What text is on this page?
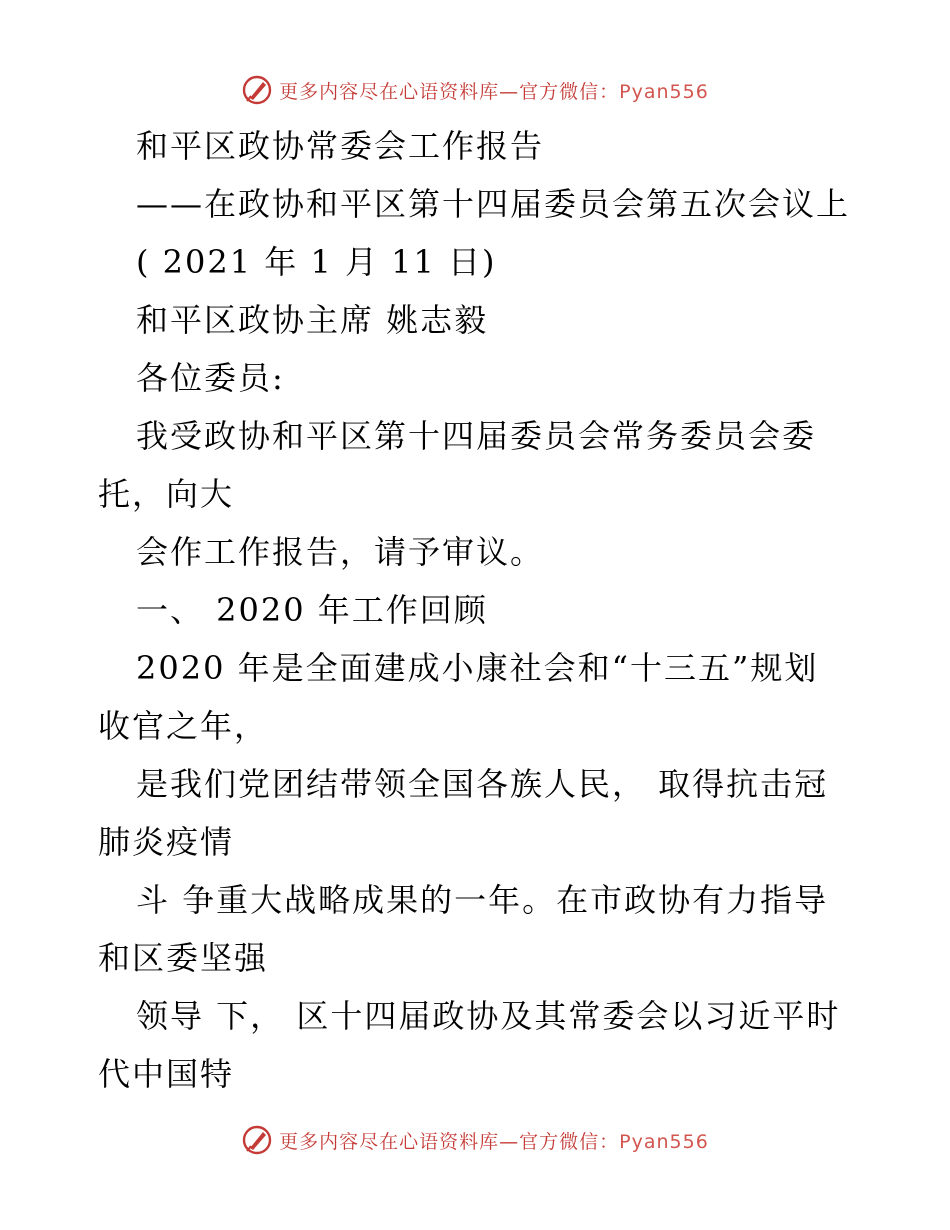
更多内容尽在心语资料库—官方微信：Pyan556
和平区政协常委会工作报告
——在政协和平区第十四届委员会第五次会议上
( 2021 年 1 月 11 日)
和平区政协主席 姚志毅
各位委员:
我受政协和平区第十四届委员会常务委员会委
托，向大
会作工作报告，请予审议。
一、 2020 年工作回顾
2020 年是全面建成小康社会和“十三五”规划
收官之年，
是我们党团结带领全国各族人民， 取得抗击冠
肺炎疫情
斗 争重大战略成果的一年。在市政协有力指导
和区委坚强
领导 下， 区十四届政协及其常委会以习近平时
代中国特
更多内容尽在心语资料库—官方微信：Pyan556
